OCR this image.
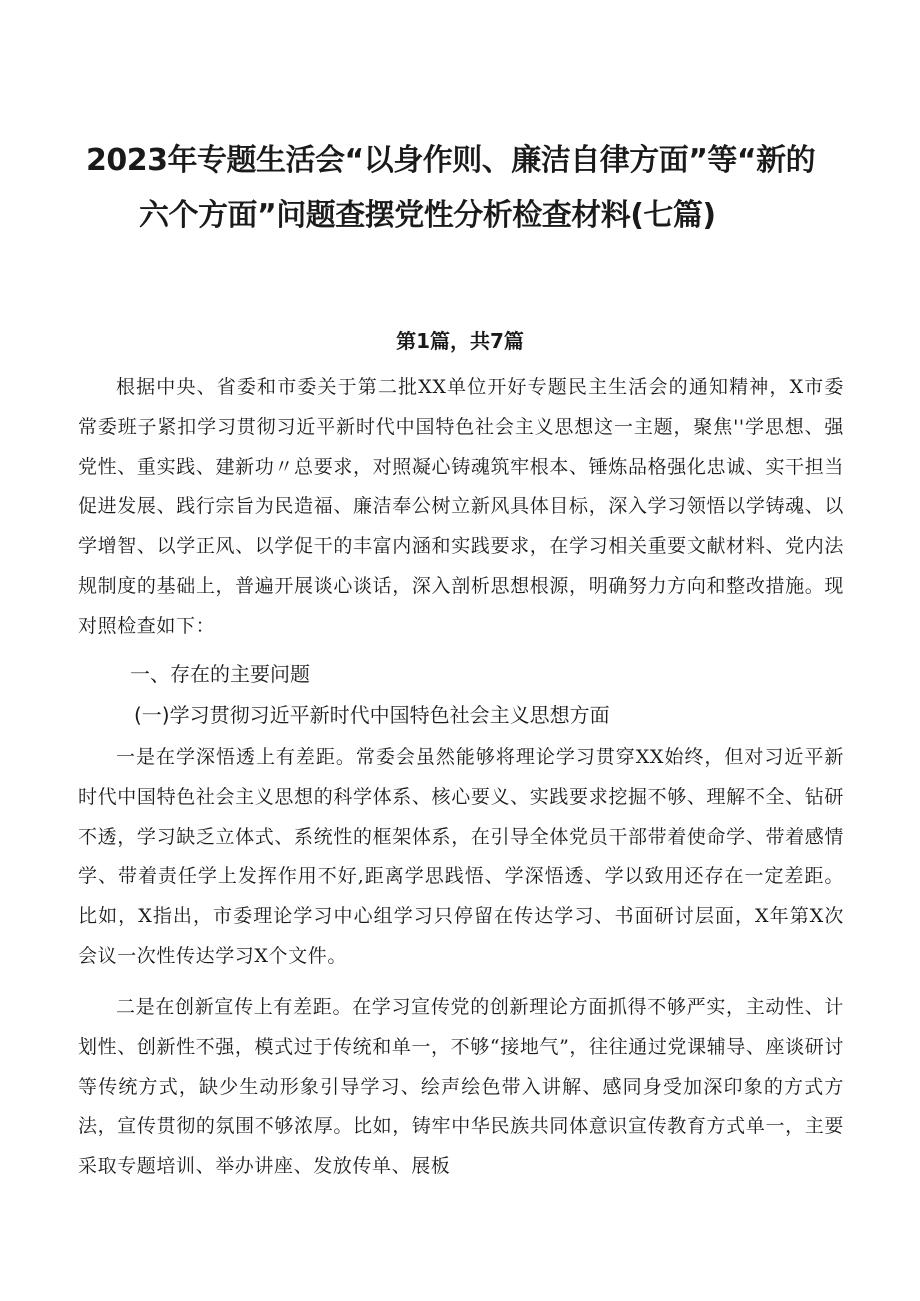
2023年专题生活会“以身作则、廉洁自律方面”等“新的
六个方面”问题查摆党性分析检查材料(七篇)
第1篇，共7篇

根据中央、省委和市委关于第二批XX单位开好专题民主生活会的通知精神，X市委常委班子紧扣学习贯彻习近平新时代中国特色社会主义思想这一主题，聚焦''学思想、强党性、重实践、建新功〃总要求，对照凝心铸魂筑牢根本、锤炼品格强化忠诚、实干担当促进发展、践行宗旨为民造福、廉洁奉公树立新风具体目标，深入学习领悟以学铸魂、以学增智、以学正风、以学促干的丰富内涵和实践要求，在学习相关重要文献材料、党内法规制度的基础上，普遍开展谈心谈话，深入剖析思想根源，明确努力方向和整改措施。现对照检查如下：

一、存在的主要问题

(一)学习贯彻习近平新时代中国特色社会主义思想方面

一是在学深悟透上有差距。常委会虽然能够将理论学习贯穿XX始终，但对习近平新时代中国特色社会主义思想的科学体系、核心要义、实践要求挖掘不够、理解不全、钻研不透，学习缺乏立体式、系统性的框架体系，在引导全体党员干部带着使命学、带着感情学、带着责任学上发挥作用不好,距离学思践悟、学深悟透、学以致用还存在一定差距。比如，X指出，市委理论学习中心组学习只停留在传达学习、书面研讨层面，X年第X次会议一次性传达学习X个文件。

二是在创新宣传上有差距。在学习宣传党的创新理论方面抓得不够严实，主动性、计划性、创新性不强，模式过于传统和单一，不够“接地气”，往往通过党课辅导、座谈研讨等传统方式，缺少生动形象引导学习、绘声绘色带入讲解、感同身受加深印象的方式方法，宣传贯彻的氛围不够浓厚。比如，铸牢中华民族共同体意识宣传教育方式单一，主要采取专题培训、举办讲座、发放传单、展板
